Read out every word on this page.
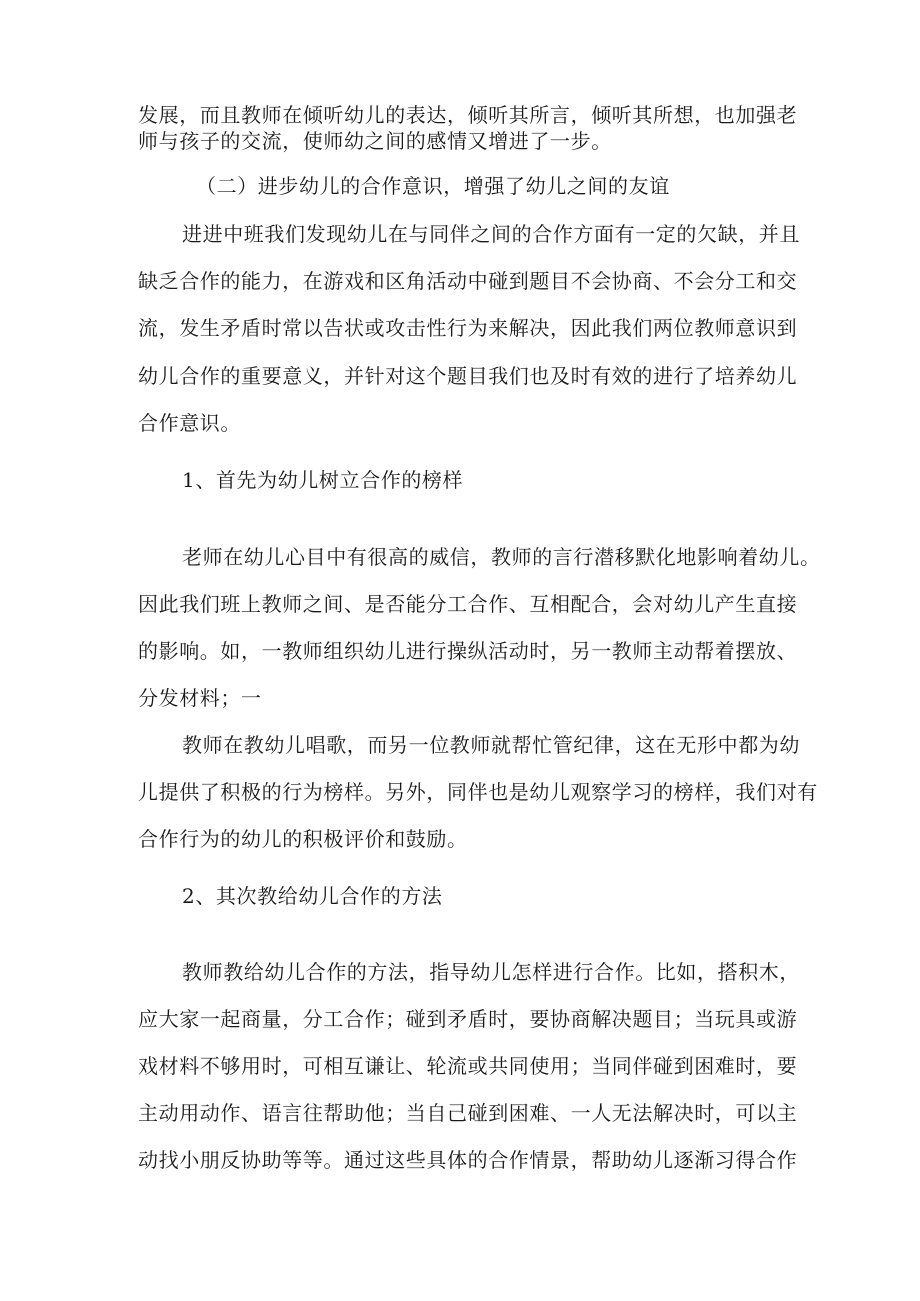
发展，而且教师在倾听幼儿的表达，倾听其所言，倾听其所想，也加强老
师与孩子的交流，使师幼之间的感情又增进了一步。
（二）进步幼儿的合作意识，增强了幼儿之间的友谊
进进中班我们发现幼儿在与同伴之间的合作方面有一定的欠缺，并且
缺乏合作的能力，在游戏和区角活动中碰到题目不会协商、不会分工和交
流，发生矛盾时常以告状或攻击性行为来解决，因此我们两位教师意识到
幼儿合作的重要意义，并针对这个题目我们也及时有效的进行了培养幼儿
合作意识。
1、首先为幼儿树立合作的榜样
老师在幼儿心目中有很高的威信，教师的言行潜移默化地影响着幼儿。
因此我们班上教师之间、是否能分工合作、互相配合，会对幼儿产生直接
的影响。如，一教师组织幼儿进行操纵活动时，另一教师主动帮着摆放、
分发材料；一
教师在教幼儿唱歌，而另一位教师就帮忙管纪律，这在无形中都为幼
儿提供了积极的行为榜样。另外，同伴也是幼儿观察学习的榜样，我们对有
合作行为的幼儿的积极评价和鼓励。
2、其次教给幼儿合作的方法
教师教给幼儿合作的方法，指导幼儿怎样进行合作。比如，搭积木，
应大家一起商量，分工合作；碰到矛盾时，要协商解决题目；当玩具或游
戏材料不够用时，可相互谦让、轮流或共同使用；当同伴碰到困难时，要
主动用动作、语言往帮助他；当自己碰到困难、一人无法解决时，可以主
动找小朋反协助等等。通过这些具体的合作情景，帮助幼儿逐渐习得合作
